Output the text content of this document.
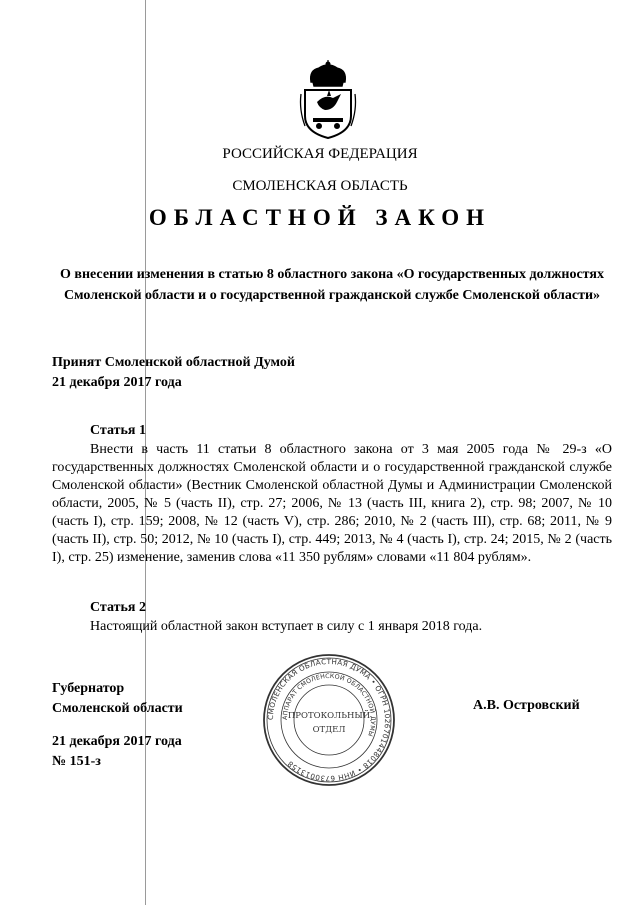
РОССИЙСКАЯ ФЕДЕРАЦИЯ
СМОЛЕНСКАЯ ОБЛАСТЬ
ОБЛАСТНОЙ ЗАКОН
О внесении изменения в статью 8 областного закона «О государственных должностях Смоленской области и о государственной гражданской службе Смоленской области»
Принят Смоленской областной Думой
21 декабря 2017 года
Статья 1

Внести в часть 11 статьи 8 областного закона от 3 мая 2005 года № 29-з «О государственных должностях Смоленской области и о государственной гражданской службе Смоленской области» (Вестник Смоленской областной Думы и Администрации Смоленской области, 2005, № 5 (часть II), стр. 27; 2006, № 13 (часть III, книга 2), стр. 98; 2007, № 10 (часть I), стр. 159; 2008, № 12 (часть V), стр. 286; 2010, № 2 (часть III), стр. 68; 2011, № 9 (часть II), стр. 50; 2012, № 10 (часть I), стр. 449; 2013, № 4 (часть I), стр. 24; 2015, № 2 (часть I), стр. 25) изменение, заменив слова «11 350 рублям» словами «11 804 рублям».

Статья 2

Настоящий областной закон вступает в силу с 1 января 2018 года.

Губернатор
Смоленской области	А.В. Островский
21 декабря 2017 года
№ 151-з
СМОЛЕНСКАЯ ОБЛАСТНАЯ ДУМА • ОГРН 1026701448018 • ИНН 6730013158
АППАРАТ СМОЛЕНСКОЙ ОБЛАСТНОЙ ДУМЫ
ПРОТОКОЛЬНЫЙ
ОТДЕЛ
